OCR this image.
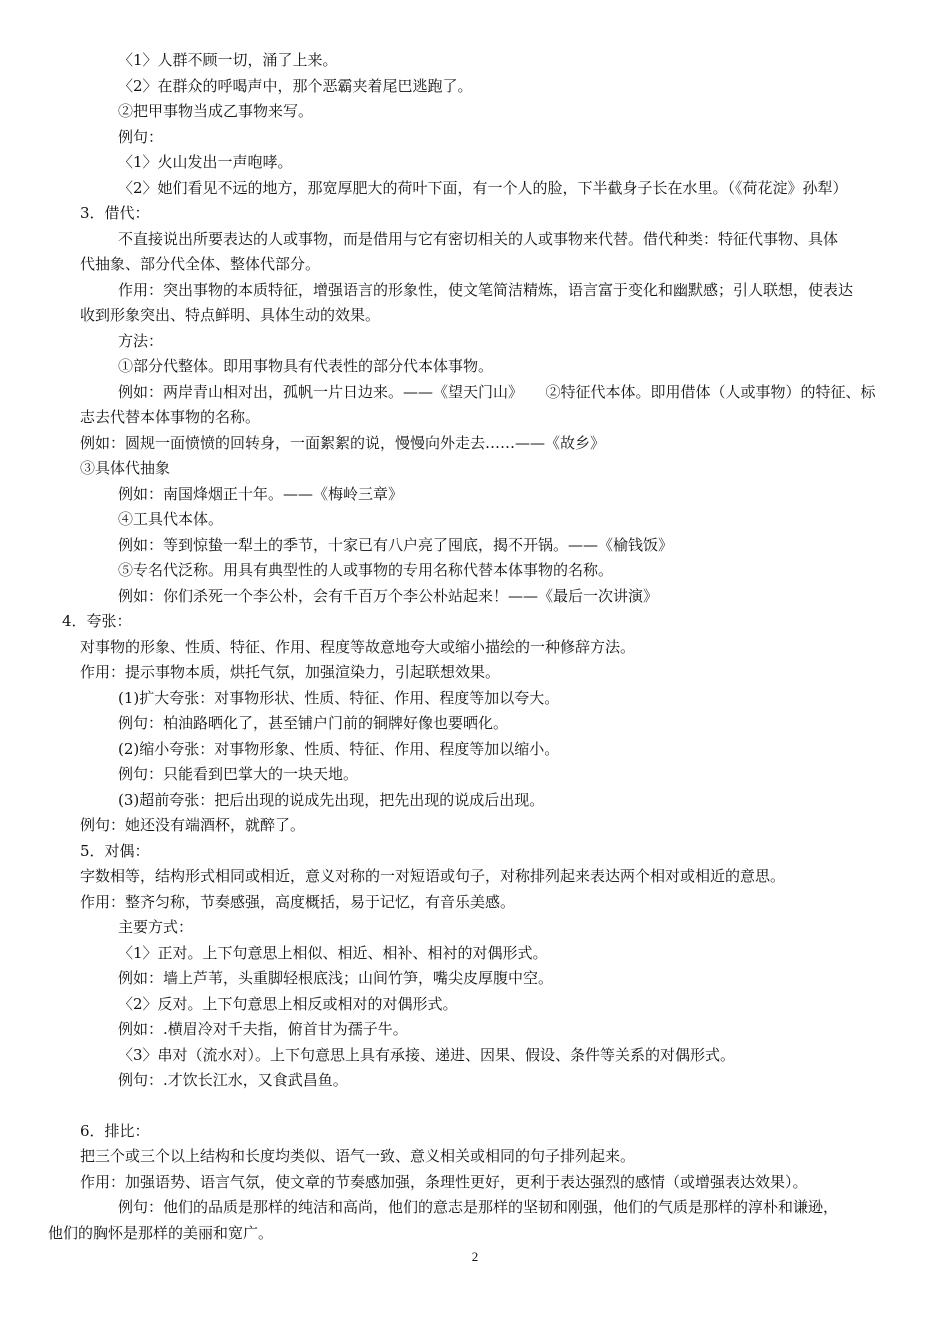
〈1〉人群不顾一切，涌了上来。
〈2〉在群众的呼喝声中，那个恶霸夹着尾巴逃跑了。
②把甲事物当成乙事物来写。
例句：
〈1〉火山发出一声咆哮。
〈2〉她们看见不远的地方，那宽厚肥大的荷叶下面，有一个人的脸，下半截身子长在水里。（《荷花淀》孙犁）
3．借代：
不直接说出所要表达的人或事物，而是借用与它有密切相关的人或事物来代替。借代种类：特征代事物、具体
代抽象、部分代全体、整体代部分。
作用：突出事物的本质特征，增强语言的形象性，使文笔简洁精炼，语言富于变化和幽默感；引人联想，使表达
收到形象突出、特点鲜明、具体生动的效果。
方法：
①部分代整体。即用事物具有代表性的部分代本体事物。
例如：两岸青山相对出，孤帆一片日边来。——《望天门山》　　②特征代本体。即用借体（人或事物）的特征、标
志去代替本体事物的名称。
例如：圆规一面愤愤的回转身，一面絮絮的说，慢慢向外走去……——《故乡》
③具体代抽象
例如：南国烽烟正十年。——《梅岭三章》
④工具代本体。
例如：等到惊蛰一犁土的季节，十家已有八户亮了囤底，揭不开锅。——《榆钱饭》
⑤专名代泛称。用具有典型性的人或事物的专用名称代替本体事物的名称。
例如：你们杀死一个李公朴，会有千百万个李公朴站起来！——《最后一次讲演》
4．夸张：
对事物的形象、性质、特征、作用、程度等故意地夸大或缩小描绘的一种修辞方法。
作用：提示事物本质，烘托气氛，加强渲染力，引起联想效果。
(1)扩大夸张：对事物形状、性质、特征、作用、程度等加以夸大。
例句：柏油路晒化了，甚至铺户门前的铜牌好像也要晒化。
(2)缩小夸张：对事物形象、性质、特征、作用、程度等加以缩小。
例句：只能看到巴掌大的一块天地。
(3)超前夸张：把后出现的说成先出现，把先出现的说成后出现。
例句：她还没有端酒杯，就醉了。
5．对偶：
字数相等，结构形式相同或相近，意义对称的一对短语或句子，对称排列起来表达两个相对或相近的意思。
作用：整齐匀称，节奏感强，高度概括，易于记忆，有音乐美感。
主要方式：
〈1〉正对。上下句意思上相似、相近、相补、相衬的对偶形式。
例如：墙上芦苇，头重脚轻根底浅；山间竹笋，嘴尖皮厚腹中空。
〈2〉反对。上下句意思上相反或相对的对偶形式。
例如：.横眉冷对千夫指，俯首甘为孺子牛。
〈3〉串对（流水对）。上下句意思上具有承接、递进、因果、假设、条件等关系的对偶形式。
例句：.才饮长江水，又食武昌鱼。
6．排比：
把三个或三个以上结构和长度均类似、语气一致、意义相关或相同的句子排列起来。
作用：加强语势、语言气氛，使文章的节奏感加强，条理性更好，更利于表达强烈的感情（或增强表达效果）。
例句：他们的品质是那样的纯洁和高尚，他们的意志是那样的坚韧和刚强，他们的气质是那样的淳朴和谦逊，
他们的胸怀是那样的美丽和宽广。
2
